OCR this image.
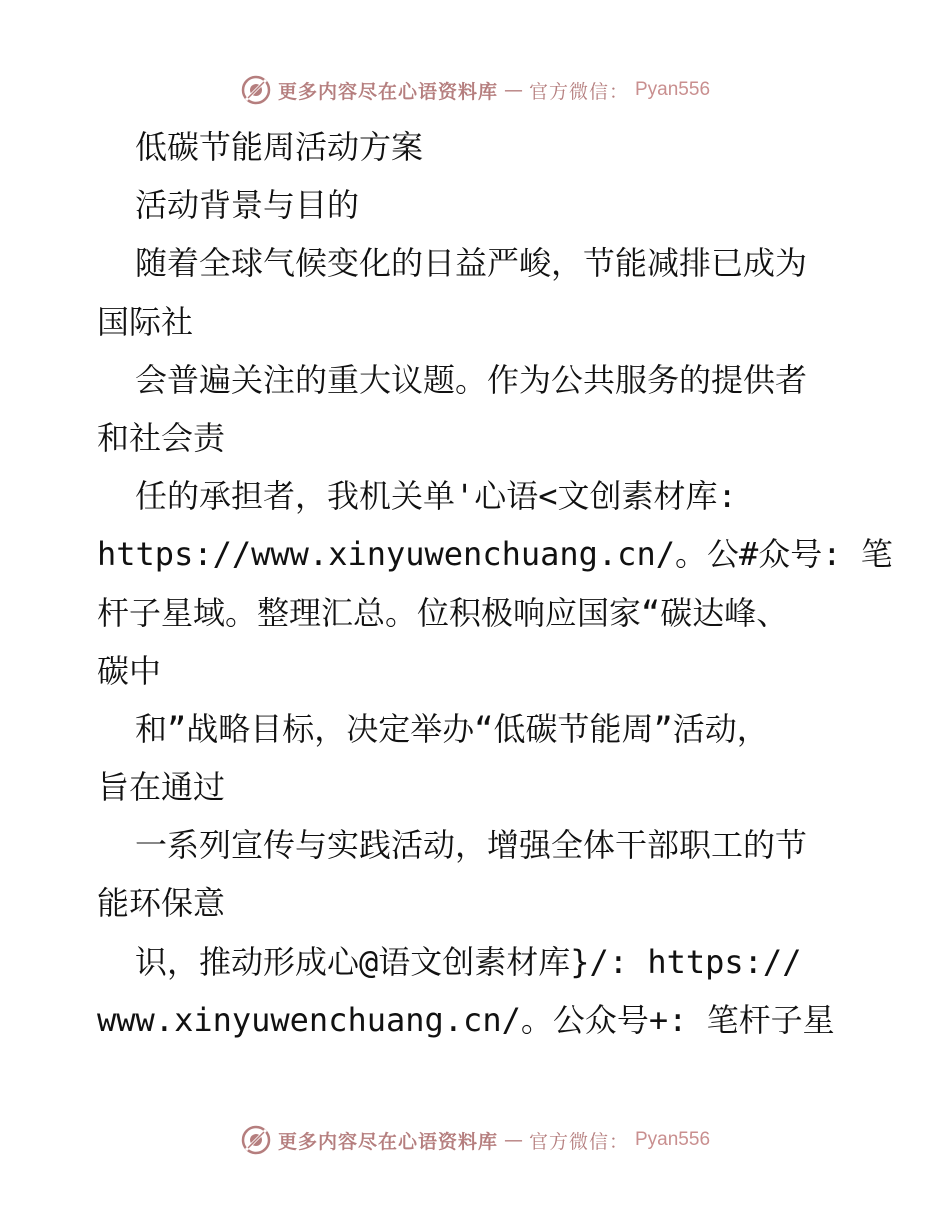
更多内容尽在心语资料库 — 官方微信： Pyan556
低碳节能周活动方案
活动背景与目的
随着全球气候变化的日益严峻，节能减排已成为
国际社
会普遍关注的重大议题。作为公共服务的提供者
和社会责
任的承担者，我机关单'心语<文创素材库:
https://www.xinyuwenchuang.cn/。公#众号: 笔
杆子星域。整理汇总。位积极响应国家“碳达峰、
碳中
和”战略目标，决定举办“低碳节能周”活动，
旨在通过
一系列宣传与实践活动，增强全体干部职工的节
能环保意
识，推动形成心@语文创素材库}/: https://
www.xinyuwenchuang.cn/。公众号+: 笔杆子星
更多内容尽在心语资料库 — 官方微信： Pyan556
